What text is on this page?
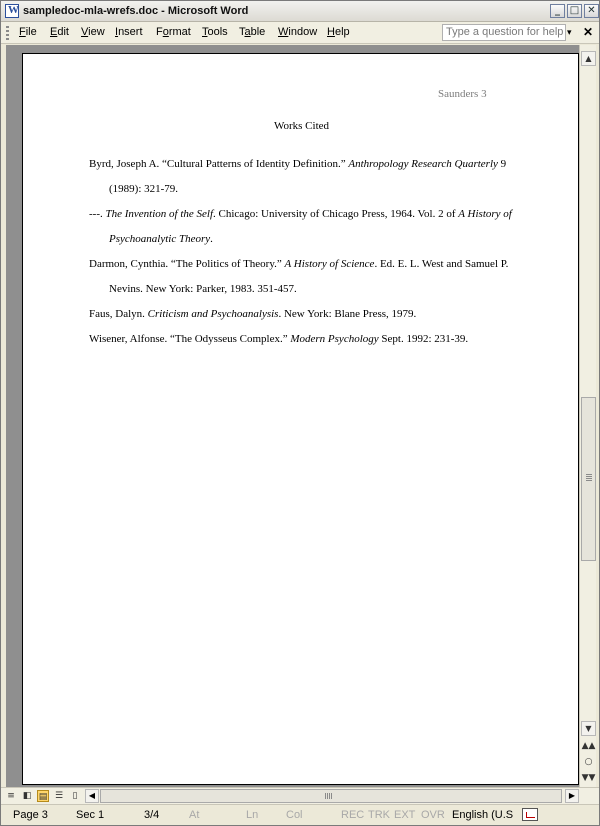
W
sampledoc-mla-wrefs.doc - Microsoft Word	_ □ ✕
File Edit View Insert Format Tools Table Window Help	Type a question for help ▾ ✕
Saunders 3
Works Cited
Byrd, Joseph A. “Cultural Patterns of Identity Definition.” Anthropology Research Quarterly 9
(1989): 321-79.
---. The Invention of the Self. Chicago: University of Chicago Press, 1964. Vol. 2 of A History of
Psychoanalytic Theory.
Darmon, Cynthia. “The Politics of Theory.” A History of Science. Ed. E. L. West and Samuel P.
Nevins. New York: Parker, 1983. 351-457.
Faus, Dalyn. Criticism and Psychoanalysis. New York: Blane Press, 1979.
Wisener, Alfonse. “The Odysseus Complex.” Modern Psychology Sept. 1992: 231-39.
▲
▼
▲▲
○
▼▼
≡ ◧ ▤ ☰	▯	◀	▶
Page 3	Sec 1	3/4	At	Ln	Col	REC TRK EXT OVR English (U.S
